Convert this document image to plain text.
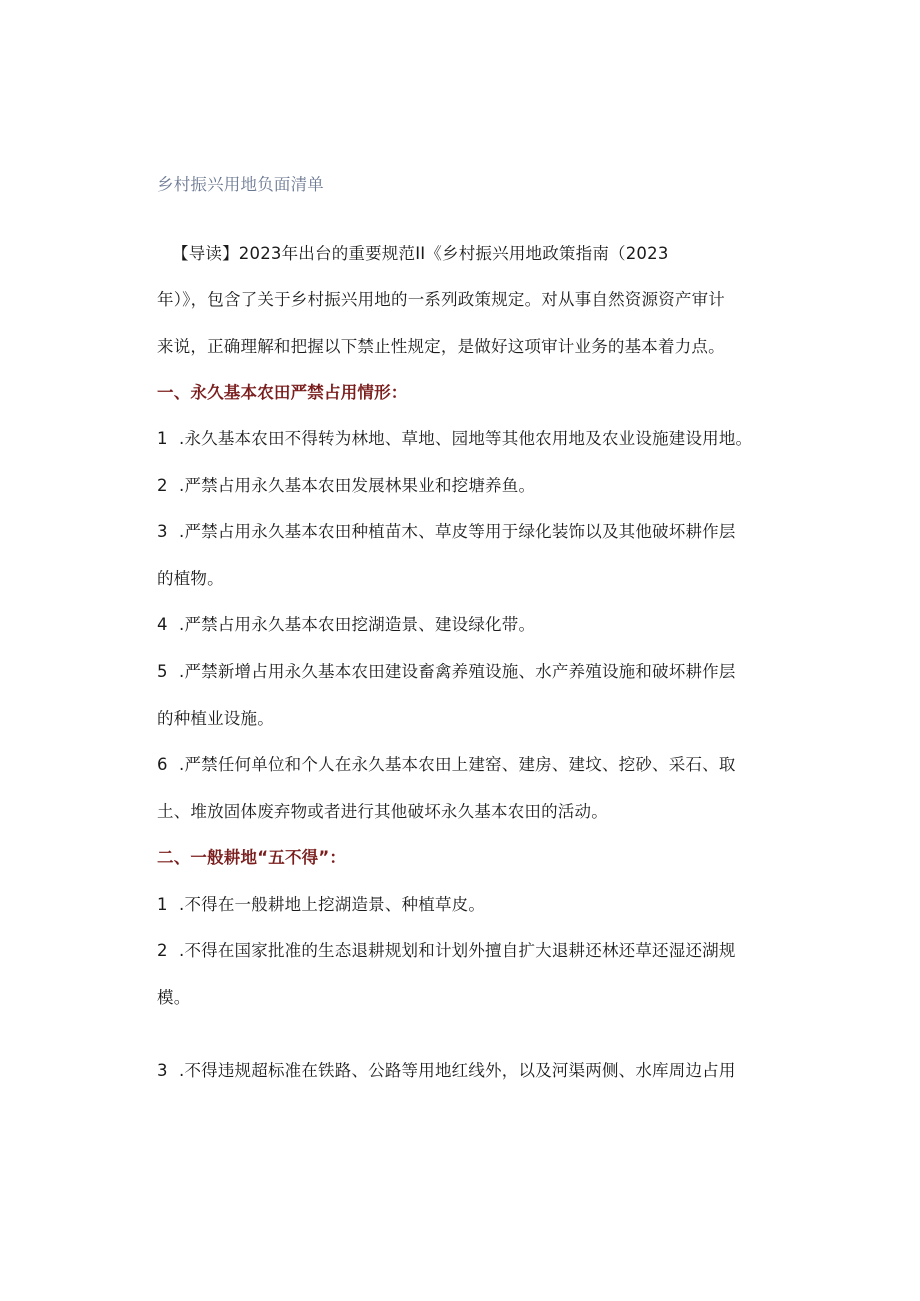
乡村振兴用地负面清单
【导读】2023年出台的重要规范II《乡村振兴用地政策指南（2023
年）》，包含了关于乡村振兴用地的一系列政策规定。对从事自然资源资产审计
来说，正确理解和把握以下禁止性规定，是做好这项审计业务的基本着力点。
一、永久基本农田严禁占用情形：
1 .永久基本农田不得转为林地、草地、园地等其他农用地及农业设施建设用地。
2 .严禁占用永久基本农田发展林果业和挖塘养鱼。
3 .严禁占用永久基本农田种植苗木、草皮等用于绿化装饰以及其他破坏耕作层
的植物。
4 .严禁占用永久基本农田挖湖造景、建设绿化带。
5 .严禁新增占用永久基本农田建设畜禽养殖设施、水产养殖设施和破坏耕作层
的种植业设施。
6 .严禁任何单位和个人在永久基本农田上建窑、建房、建坟、挖砂、采石、取
土、堆放固体废弃物或者进行其他破坏永久基本农田的活动。
二、一般耕地“五不得”：
1 .不得在一般耕地上挖湖造景、种植草皮。
2 .不得在国家批准的生态退耕规划和计划外擅自扩大退耕还林还草还湿还湖规
模。
3 .不得违规超标准在铁路、公路等用地红线外，以及河渠两侧、水库周边占用
